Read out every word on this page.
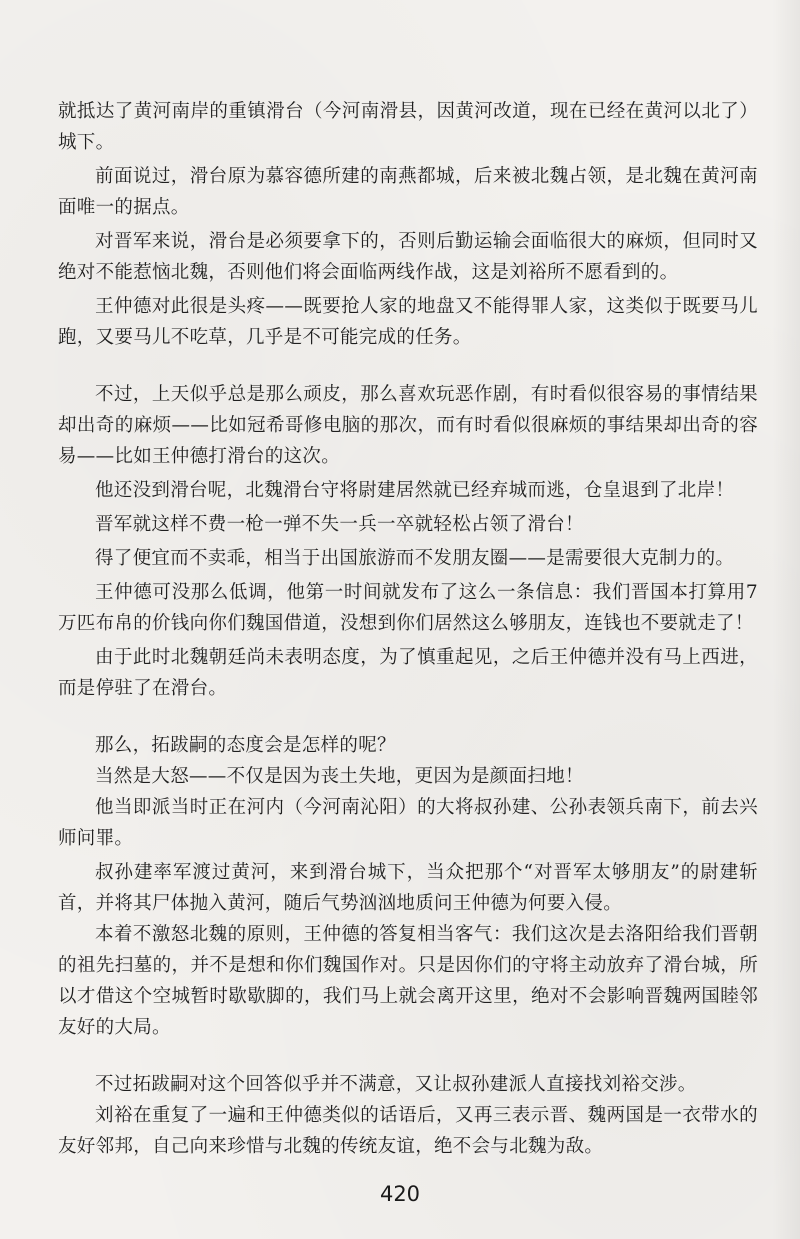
就抵达了黄河南岸的重镇滑台（今河南滑县，因黄河改道，现在已经在黄河以北了）城下。

前面说过，滑台原为慕容德所建的南燕都城，后来被北魏占领，是北魏在黄河南面唯一的据点。

对晋军来说，滑台是必须要拿下的，否则后勤运输会面临很大的麻烦，但同时又绝对不能惹恼北魏，否则他们将会面临两线作战，这是刘裕所不愿看到的。

王仲德对此很是头疼——既要抢人家的地盘又不能得罪人家，这类似于既要马儿跑，又要马儿不吃草，几乎是不可能完成的任务。

不过，上天似乎总是那么顽皮，那么喜欢玩恶作剧，有时看似很容易的事情结果却出奇的麻烦——比如冠希哥修电脑的那次，而有时看似很麻烦的事结果却出奇的容易——比如王仲德打滑台的这次。

他还没到滑台呢，北魏滑台守将尉建居然就已经弃城而逃，仓皇退到了北岸！

晋军就这样不费一枪一弹不失一兵一卒就轻松占领了滑台！

得了便宜而不卖乖，相当于出国旅游而不发朋友圈——是需要很大克制力的。

王仲德可没那么低调，他第一时间就发布了这么一条信息：我们晋国本打算用7万匹布帛的价钱向你们魏国借道，没想到你们居然这么够朋友，连钱也不要就走了！

由于此时北魏朝廷尚未表明态度，为了慎重起见，之后王仲德并没有马上西进，而是停驻了在滑台。

那么，拓跋嗣的态度会是怎样的呢？

当然是大怒——不仅是因为丧土失地，更因为是颜面扫地！

他当即派当时正在河内（今河南沁阳）的大将叔孙建、公孙表领兵南下，前去兴师问罪。

叔孙建率军渡过黄河，来到滑台城下，当众把那个“对晋军太够朋友”的尉建斩首，并将其尸体抛入黄河，随后气势汹汹地质问王仲德为何要入侵。

本着不激怒北魏的原则，王仲德的答复相当客气：我们这次是去洛阳给我们晋朝的祖先扫墓的，并不是想和你们魏国作对。只是因你们的守将主动放弃了滑台城，所以才借这个空城暂时歇歇脚的，我们马上就会离开这里，绝对不会影响晋魏两国睦邻友好的大局。

不过拓跋嗣对这个回答似乎并不满意，又让叔孙建派人直接找刘裕交涉。

刘裕在重复了一遍和王仲德类似的话语后，又再三表示晋、魏两国是一衣带水的友好邻邦，自己向来珍惜与北魏的传统友谊，绝不会与北魏为敌。

420
